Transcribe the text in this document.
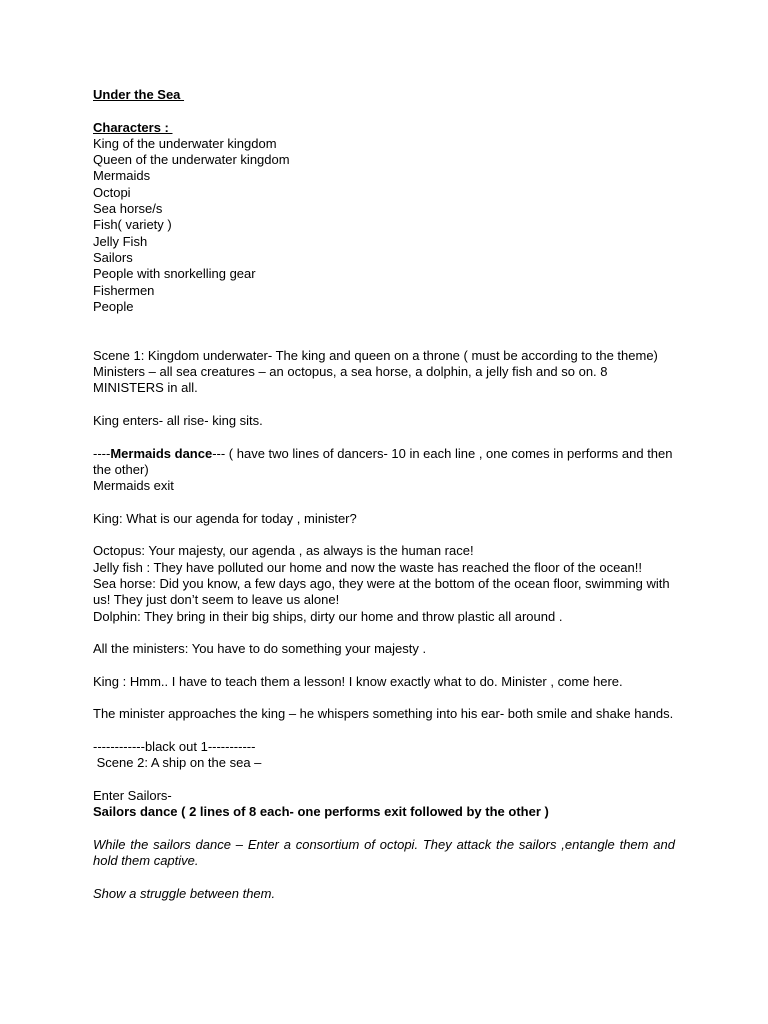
Under the Sea

Characters :

King of the underwater kingdom

Queen of the underwater kingdom

Mermaids

Octopi

Sea horse/s

Fish( variety )

Jelly Fish

Sailors

People with snorkelling gear

Fishermen

People

Scene 1: Kingdom underwater- The king and queen on a throne ( must be according to the theme) Ministers – all sea creatures – an octopus, a sea horse, a dolphin, a jelly fish and so on. 8 MINISTERS in all.

King enters- all rise- king sits.

----Mermaids dance--- ( have two lines of dancers- 10 in each line , one comes in performs and then the other)

Mermaids exit

King: What is our agenda for today , minister?

Octopus: Your majesty, our agenda , as always is the human race!

Jelly fish : They have polluted our home and now the waste has reached the floor of the ocean!!

Sea horse: Did you know, a few days ago, they were at the bottom of the ocean floor, swimming with us! They just don’t seem to leave us alone!

Dolphin: They bring in their big ships, dirty our home and throw plastic all around .

All the ministers: You have to do something your majesty .

King : Hmm.. I have to teach them a lesson! I know exactly what to do. Minister , come here.

The minister approaches the king – he whispers something into his ear- both smile and shake hands.

------------black out 1-----------

Scene 2: A ship on the sea –

Enter Sailors-

Sailors dance ( 2 lines of 8 each- one performs exit followed by the other )

While the sailors dance – Enter a consortium of octopi. They attack the sailors ,entangle them and hold them captive.

Show a struggle between them.
